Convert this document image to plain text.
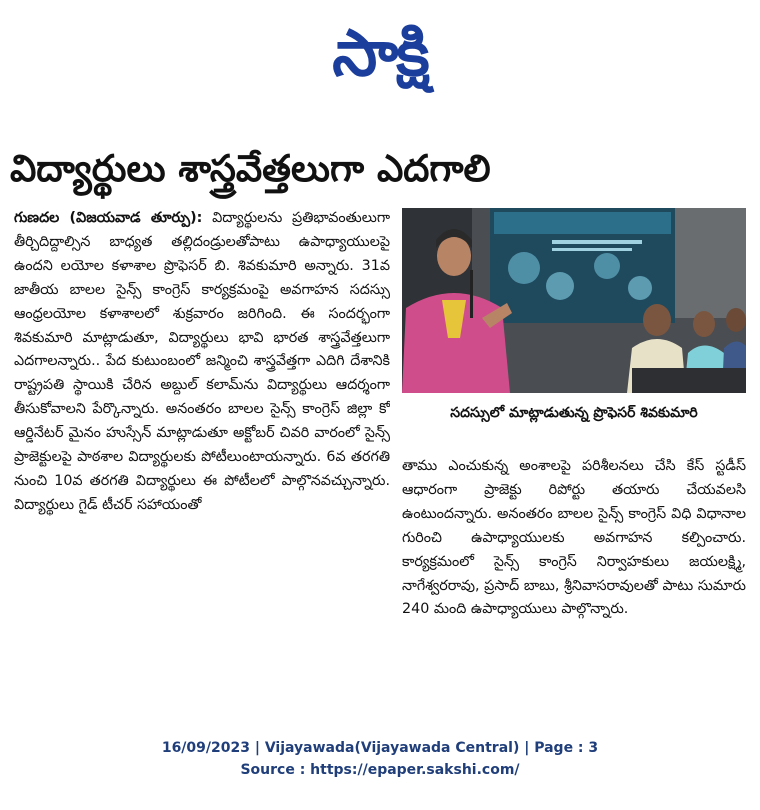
సాక్షి
విద్యార్థులు శాస్త్రవేత్తలుగా ఎదగాలి
గుణదల (విజయవాడ తూర్పు): విద్యార్థులను ప్రతిభావంతులుగా తీర్చిదిద్దాల్సిన బాధ్యత తల్లిదండ్రులతోపాటు ఉపాధ్యాయులపై ఉందని లయోల కళాశాల ప్రొఫెసర్ బి. శివకుమారి అన్నారు. 31వ జాతీయ బాలల సైన్స్ కాంగ్రెస్ కార్యక్రమంపై అవగాహన సదస్సు ఆంధ్రలయోల కళాశాలలో శుక్రవారం జరిగింది. ఈ సందర్భంగా శివకుమారి మాట్లాడుతూ, విద్యార్థులు భావి భారత శాస్త్రవేత్తలుగా ఎదగాలన్నారు.. పేద కుటుంబంలో జన్మించి శాస్త్రవేత్తగా ఎదిగి దేశానికి రాష్ట్రపతి స్థాయికి చేరిన అబ్దుల్ కలామ్‌ను విద్యార్థులు ఆదర్శంగా తీసుకోవాలని పేర్కొన్నారు. అనంతరం బాలల సైన్స్ కాంగ్రెస్ జిల్లా కో ఆర్డినేటర్ మైనం హుస్సేన్ మాట్లాడుతూ అక్టోబర్ చివరి వారంలో సైన్స్ ప్రాజెక్టులపై పాఠశాల విద్యార్థులకు పోటీలుంటాయన్నారు. 6వ తరగతి నుంచి 10వ తరగతి విద్యార్థులు ఈ పోటీలలో పాల్గొనవచ్చున్నారు. విద్యార్థులు గైడ్ టీచర్ సహాయంతో
సదస్సులో మాట్లాడుతున్న ప్రొఫెసర్ శివకుమారి
తాము ఎంచుకున్న అంశాలపై పరిశీలనలు చేసి కేస్ స్టడీస్ ఆధారంగా ప్రాజెక్టు రిపోర్టు తయారు చేయవలసి ఉంటుందన్నారు. అనంతరం బాలల సైన్స్ కాంగ్రెస్ విధి విధానాల గురించి ఉపాధ్యాయులకు అవగాహన కల్పించారు. కార్యక్రమంలో సైన్స్ కాంగ్రెస్ నిర్వాహకులు జయలక్ష్మి, నాగేశ్వరరావు, ప్రసాద్ బాబు, శ్రీనివాసరావులతో పాటు సుమారు 240 మంది ఉపాధ్యాయులు పాల్గొన్నారు.
16/09/2023 | Vijayawada(Vijayawada Central) | Page : 3
Source : https://epaper.sakshi.com/
